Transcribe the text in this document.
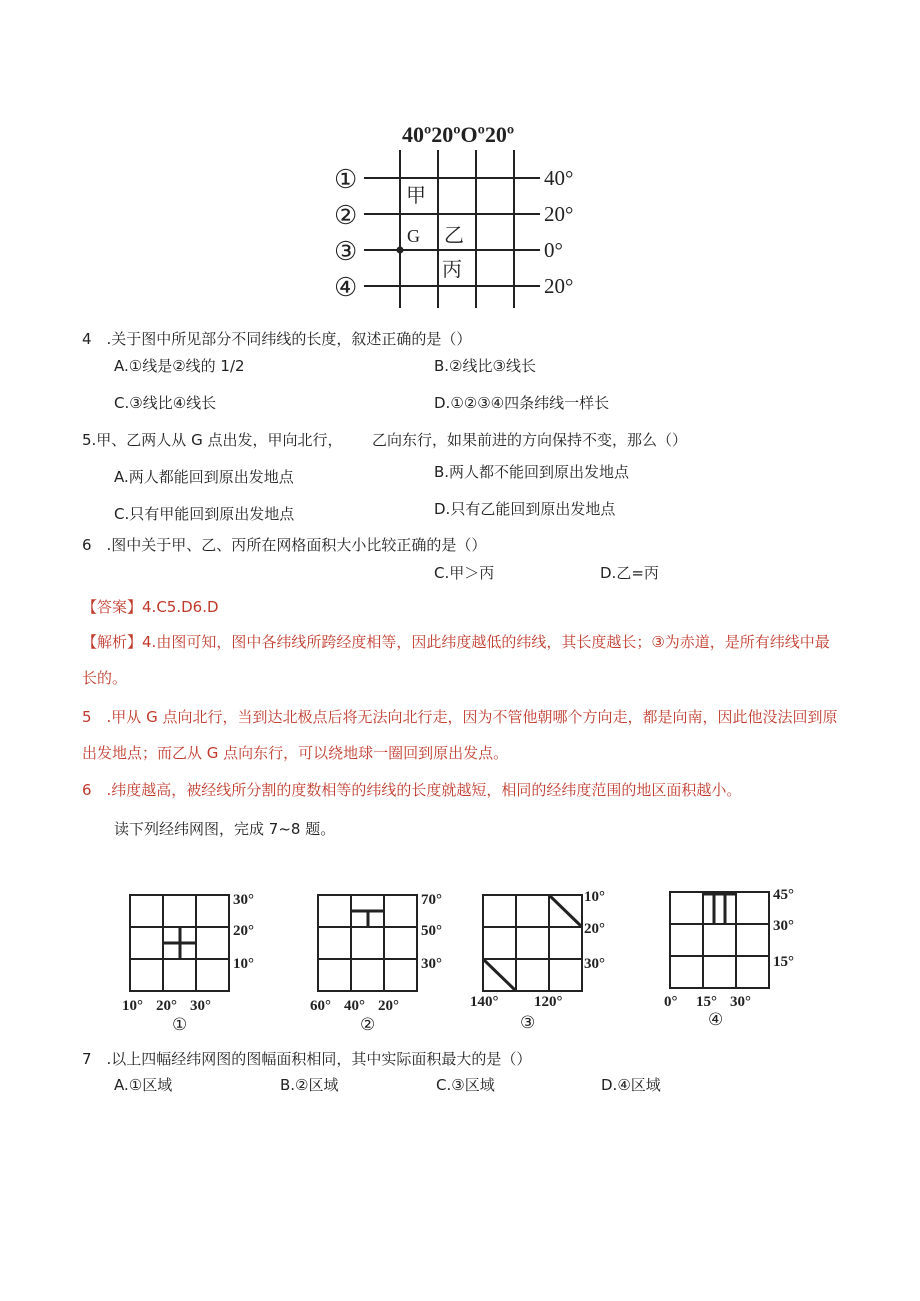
40º20ºOº20º
①
②
③
④
40°
20°
0°
20°
甲
G 乙
丙
4　.关于图中所见部分不同纬线的长度，叙述正确的是（）
A.①线是②线的 1/2	B.②线比③线长
C.③线比④线长	D.①②③④四条纬线一样长
5.甲、乙两人从 G 点出发，甲向北行， 乙向东行，如果前进的方向保持不变，那么（）
A.两人都能回到原出发地点	B.两人都不能回到原出发地点
C.只有甲能回到原出发地点	D.只有乙能回到原出发地点
6　.图中关于甲、乙、丙所在网格面积大小比较正确的是（）
C.甲＞丙	D.乙=丙
【答案】4.C5.D6.D
【解析】4.由图可知，图中各纬线所跨经度相等，因此纬度越低的纬线，其长度越长；③为赤道，是所有纬线中最长的。
5　.甲从 G 点向北行，当到达北极点后将无法向北行走，因为不管他朝哪个方向走，都是向南，因此他没法回到原出发地点；而乙从 G 点向东行，可以绕地球一圈回到原出发点。
6　.纬度越高，被经线所分割的度数相等的纬线的长度就越短，相同的经纬度范围的地区面积越小。
读下列经纬网图，完成 7~8 题。
30°
20°
10°
10° 20° 30°
①
70°
50°
30°
60° 40° 20°
②
10°
20°
30°
140° 120°
③
45°
30°
15°
0° 15° 30°
④
7　.以上四幅经纬网图的图幅面积相同，其中实际面积最大的是（）
A.①区域	B.②区域	C.③区域	D.④区域
